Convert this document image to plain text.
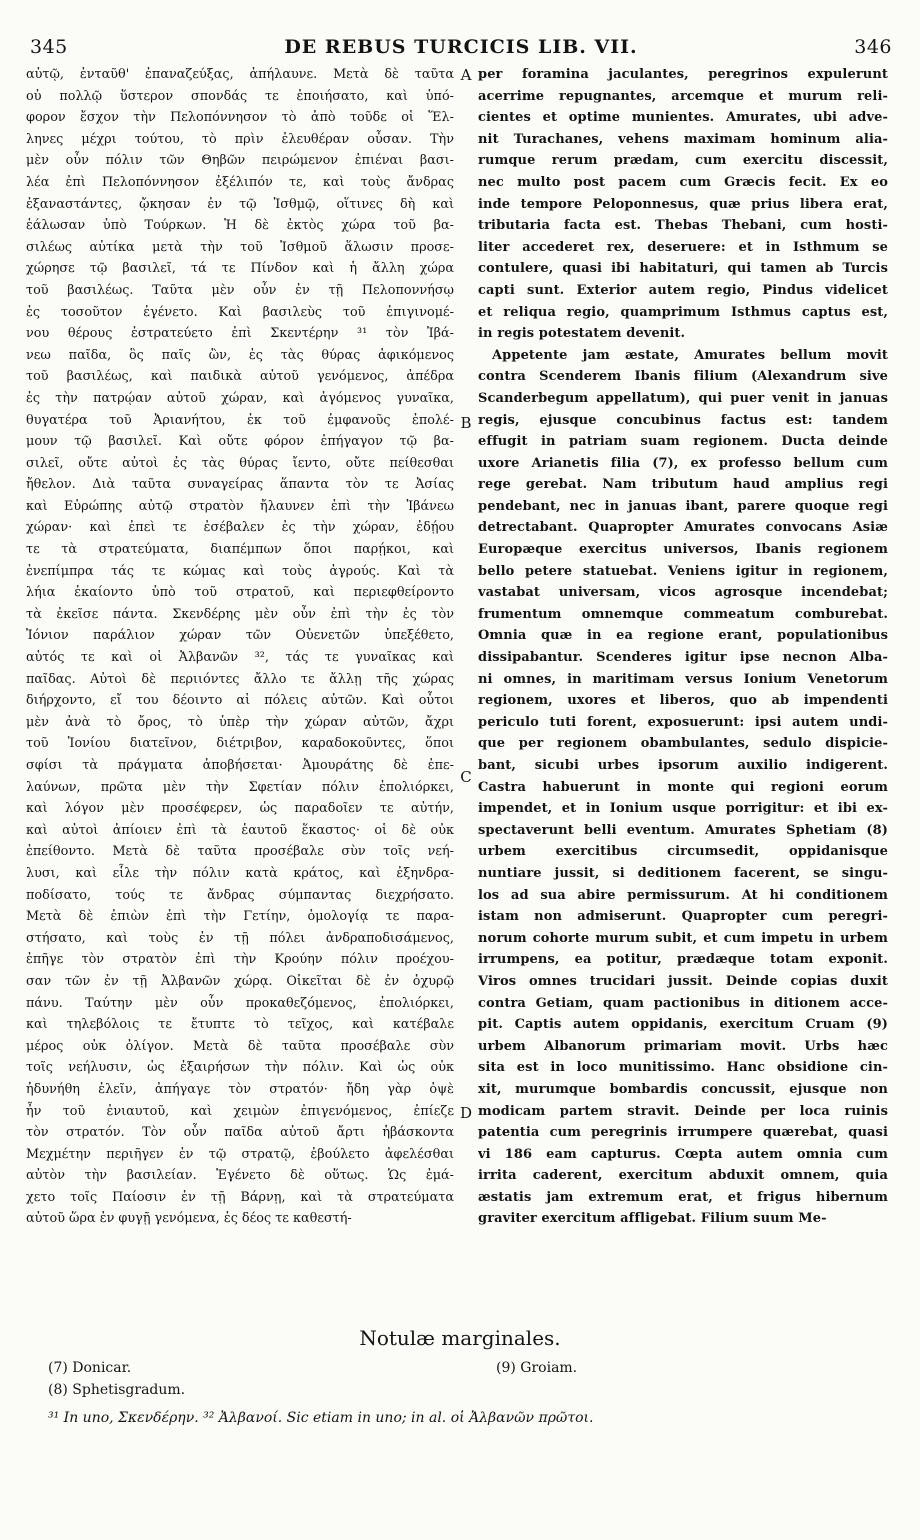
345	DE REBUS TURCICIS LIB. VII.	346
αὐτῷ, ἐνταῦθ' ἐπαναζεύξας, ἀπήλαυνε. Μετὰ δὲ ταῦτα
οὐ πολλῷ ὕστερον σπονδάς τε ἐποιήσατο, καὶ ὑπό-
φορον ἔσχον τὴν Πελοπόννησον τὸ ἀπὸ τοῦδε οἱ Ἕλ-
ληνες μέχρι τούτου, τὸ πρὶν ἐλευθέραν οὖσαν. Τὴν
μὲν οὖν πόλιν τῶν Θηβῶν πειρώμενον ἐπιέναι βασι-
λέα ἐπὶ Πελοπόννησον ἐξέλιπόν τε, καὶ τοὺς ἄνδρας
ἐξαναστάντες, ᾤκησαν ἐν τῷ Ἰσθμῷ, οἵτινες δὴ καὶ
ἑάλωσαν ὑπὸ Τούρκων. Ἡ δὲ ἐκτὸς χώρα τοῦ βα-
σιλέως αὐτίκα μετὰ τὴν τοῦ Ἰσθμοῦ ἅλωσιν προσε-
χώρησε τῷ βασιλεῖ, τά τε Πίνδον καὶ ἡ ἄλλη χώρα
τοῦ βασιλέως. Ταῦτα μὲν οὖν ἐν τῇ Πελοποννήσῳ
ἐς τοσοῦτον ἐγένετο. Καὶ βασιλεὺς τοῦ ἐπιγινομέ-
νου θέρους ἐστρατεύετο ἐπὶ Σκεντέρην ³¹ τὸν Ἰβά-
νεω παῖδα, ὃς παῖς ὢν, ἐς τὰς θύρας ἀφικόμενος
τοῦ βασιλέως, καὶ παιδικὰ αὐτοῦ γενόμενος, ἀπέδρα
ἐς τὴν πατρῴαν αὐτοῦ χώραν, καὶ ἀγόμενος γυναῖκα,
θυγατέρα τοῦ Ἀριανήτου, ἐκ τοῦ ἐμφανοῦς ἐπολέ-
μουν τῷ βασιλεῖ. Καὶ οὔτε φόρον ἐπήγαγον τῷ βα-
σιλεῖ, οὔτε αὐτοὶ ἐς τὰς θύρας ἴεντο, οὔτε πείθεσθαι
ἤθελον. Διὰ ταῦτα συναγείρας ἅπαντα τὸν τε Ἀσίας
καὶ Εὐρώπης αὐτῷ στρατὸν ἤλαυνεν ἐπὶ τὴν Ἰβάνεω
χώραν· καὶ ἐπεὶ τε ἐσέβαλεν ἐς τὴν χώραν, ἐδῄου
τε τὰ στρατεύματα, διαπέμπων ὅποι παρῄκοι, καὶ
ἐνεπίμπρα τάς τε κώμας καὶ τοὺς ἀγρούς. Καὶ τὰ
λήια ἐκαίοντο ὑπὸ τοῦ στρατοῦ, καὶ περιεφθείροντο
τὰ ἐκεῖσε πάντα. Σκενδέρης μὲν οὖν ἐπὶ τὴν ἐς τὸν
Ἰόνιον παράλιον χώραν τῶν Οὐενετῶν ὑπεξέθετο,
αὐτός τε καὶ οἱ Ἀλβανῶν ³², τάς τε γυναῖκας καὶ
παῖδας. Αὐτοὶ δὲ περιιόντες ἄλλο τε ἄλλῃ τῆς χώρας
διήρχοντο, εἴ του δέοιντο αἱ πόλεις αὐτῶν. Καὶ οὗτοι
μὲν ἀνὰ τὸ ὄρος, τὸ ὑπὲρ τὴν χώραν αὐτῶν, ἄχρι
τοῦ Ἰονίου διατεῖνον, διέτριβον, καραδοκοῦντες, ὅποι
σφίσι τὰ πράγματα ἀποβήσεται· Ἀμουράτης δὲ ἐπε-
λαύνων, πρῶτα μὲν τὴν Σφετίαν πόλιν ἐπολιόρκει,
καὶ λόγον μὲν προσέφερεν, ὡς παραδοῖεν τε αὐτήν,
καὶ αὐτοὶ ἀπίοιεν ἐπὶ τὰ ἑαυτοῦ ἕκαστος· οἱ δὲ οὐκ
ἐπείθοντο. Μετὰ δὲ ταῦτα προσέβαλε σὺν τοῖς νεή-
λυσι, καὶ εἷλε τὴν πόλιν κατὰ κράτος, καὶ ἐξηνδρα-
ποδίσατο, τούς τε ἄνδρας σύμπαντας διεχρήσατο.
Μετὰ δὲ ἐπιὼν ἐπὶ τὴν Γετίην, ὁμολογίᾳ τε παρα-
στήσατο, καὶ τοὺς ἐν τῇ πόλει ἀνδραποδισάμενος,
ἐπῆγε τὸν στρατὸν ἐπὶ τὴν Κρούην πόλιν προέχου-
σαν τῶν ἐν τῇ Ἀλβανῶν χώρᾳ. Οἰκεῖται δὲ ἐν ὀχυρῷ
πάνυ. Ταύτην μὲν οὖν προκαθεζόμενος, ἐπολιόρκει,
καὶ τηλεβόλοις τε ἔτυπτε τὸ τεῖχος, καὶ κατέβαλε
μέρος οὐκ ὀλίγον. Μετὰ δὲ ταῦτα προσέβαλε σὺν
τοῖς νεήλυσιν, ὡς ἐξαιρήσων τὴν πόλιν. Καὶ ὡς οὐκ
ἠδυνήθη ἑλεῖν, ἀπήγαγε τὸν στρατόν· ἤδη γὰρ ὀψὲ
ἦν τοῦ ἐνιαυτοῦ, καὶ χειμὼν ἐπιγενόμενος, ἐπίεζε
τὸν στρατόν. Τὸν οὖν παῖδα αὐτοῦ ἄρτι ἡβάσκοντα
Μεχμέτην περιῆγεν ἐν τῷ στρατῷ, ἐβούλετο ἀφελέσθαι
αὐτὸν τὴν βασιλείαν. Ἐγένετο δὲ οὕτως. Ὡς ἐμά-
χετο τοῖς Παίοσιν ἐν τῇ Βάρνῃ, καὶ τὰ στρατεύματα
αὐτοῦ ὥρα ἐν φυγῇ γενόμενα, ἐς δέος τε καθεστή-
A
B
C
D
per foramina jaculantes, peregrinos expulerunt
acerrime repugnantes, arcemque et murum reli-
cientes et optime munientes. Amurates, ubi adve-
nit Turachanes, vehens maximam hominum alia-
rumque rerum prædam, cum exercitu discessit,
nec multo post pacem cum Græcis fecit. Ex eo
inde tempore Peloponnesus, quæ prius libera erat,
tributaria facta est. Thebas Thebani, cum hosti-
liter accederet rex, deseruere: et in Isthmum se
contulere, quasi ibi habitaturi, qui tamen ab Turcis
capti sunt. Exterior autem regio, Pindus videlicet
et reliqua regio, quamprimum Isthmus captus est,
in regis potestatem devenit.
Appetente jam æstate, Amurates bellum movit
contra Scenderem Ibanis filium (Alexandrum sive
Scanderbegum appellatum), qui puer venit in januas
regis, ejusque concubinus factus est: tandem
effugit in patriam suam regionem. Ducta deinde
uxore Arianetis filia (7), ex professo bellum cum
rege gerebat. Nam tributum haud amplius regi
pendebant, nec in januas ibant, parere quoque regi
detrectabant. Quapropter Amurates convocans Asiæ
Europæque exercitus universos, Ibanis regionem
bello petere statuebat. Veniens igitur in regionem,
vastabat universam, vicos agrosque incendebat;
frumentum omnemque commeatum comburebat.
Omnia quæ in ea regione erant, populationibus
dissipabantur. Scenderes igitur ipse necnon Alba-
ni omnes, in maritimam versus Ionium Venetorum
regionem, uxores et liberos, quo ab impendenti
periculo tuti forent, exposuerunt: ipsi autem undi-
que per regionem obambulantes, sedulo dispicie-
bant, sicubi urbes ipsorum auxilio indigerent.
Castra habuerunt in monte qui regioni eorum
impendet, et in Ionium usque porrigitur: et ibi ex-
spectaverunt belli eventum. Amurates Sphetiam (8)
urbem exercitibus circumsedit, oppidanisque
nuntiare jussit, si deditionem facerent, se singu-
los ad sua abire permissurum. At hi conditionem
istam non admiserunt. Quapropter cum peregri-
norum cohorte murum subit, et cum impetu in urbem
irrumpens, ea potitur, prædæque totam exponit.
Viros omnes trucidari jussit. Deinde copias duxit
contra Getiam, quam pactionibus in ditionem acce-
pit. Captis autem oppidanis, exercitum Cruam (9)
urbem Albanorum primariam movit. Urbs hæc
sita est in loco munitissimo. Hanc obsidione cin-
xit, murumque bombardis concussit, ejusque non
modicam partem stravit. Deinde per loca ruinis
patentia cum peregrinis irrumpere quærebat, quasi
vi 186 eam capturus. Cœpta autem omnia cum
irrita caderent, exercitum abduxit omnem, quia
æstatis jam extremum erat, et frigus hibernum
graviter exercitum affligebat. Filium suum Me-
Notulæ marginales.
(7) Donicar.
(8) Sphetisgradum.
(9) Groiam.
³¹ In uno, Σκενδέρην. ³² Ἀλβανοί. Sic etiam in uno; in al. οἱ Ἀλβανῶν πρῶτοι.
